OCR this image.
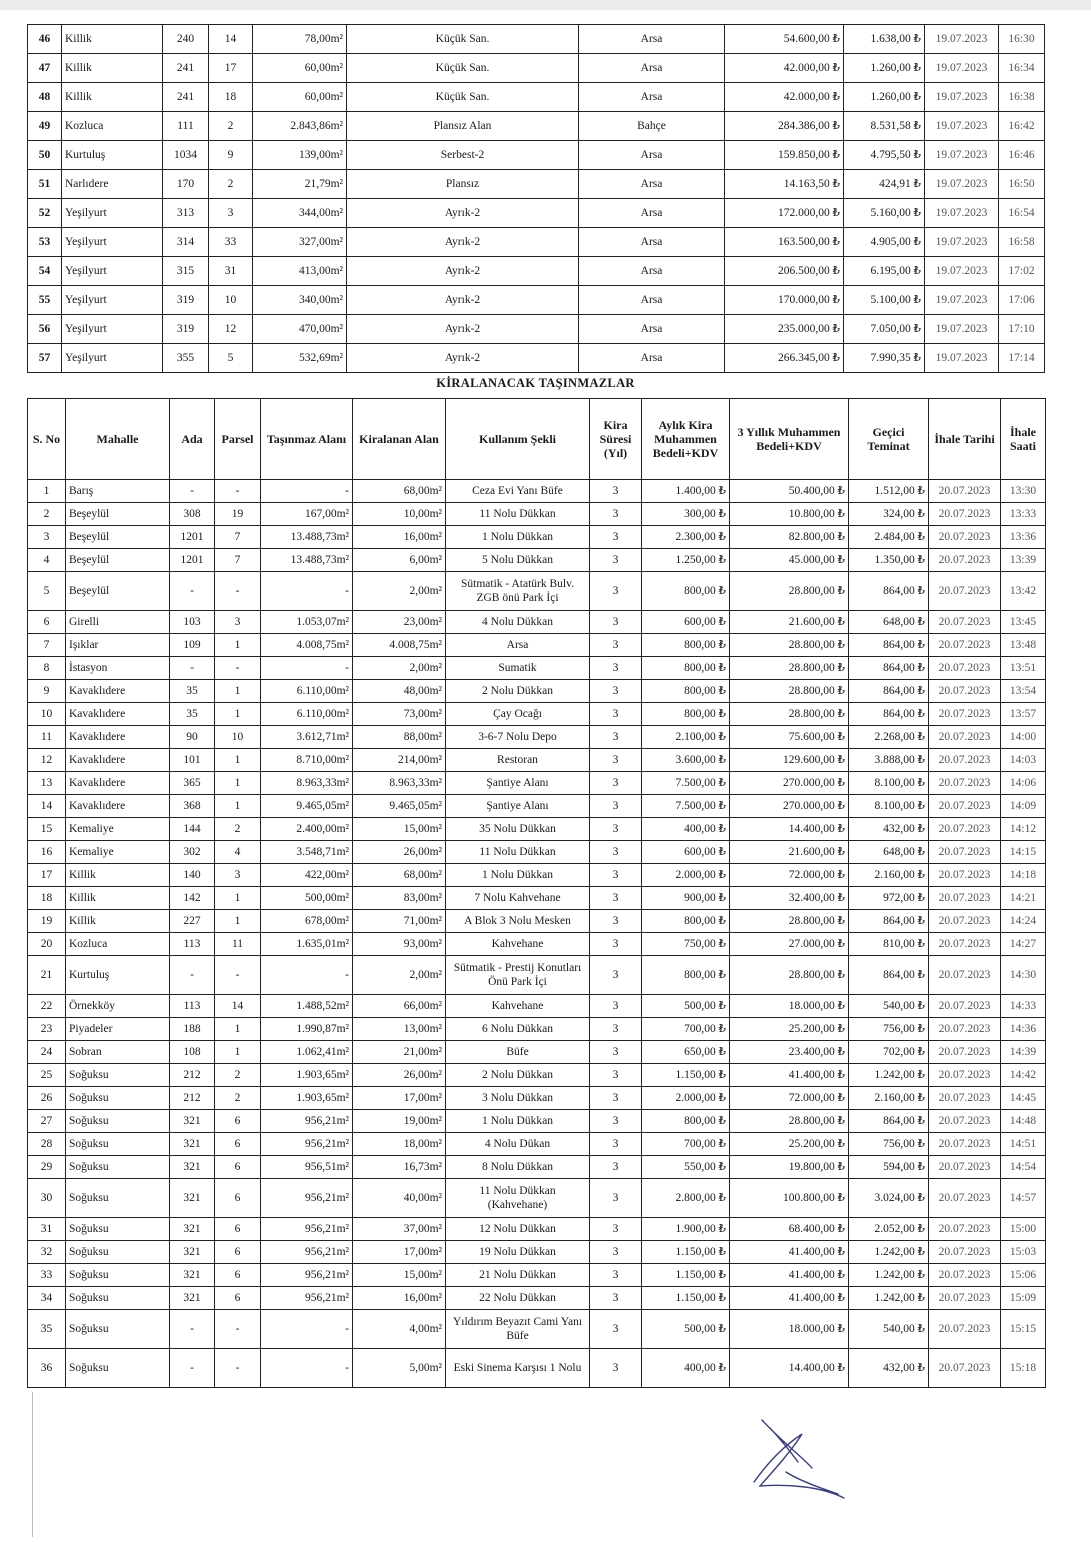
46	Killik	240	14	78,00m²	Küçük San.	Arsa	54.600,00 ₺	1.638,00 ₺	19.07.2023	16:30
47	Killik	241	17	60,00m²	Küçük San.	Arsa	42.000,00 ₺	1.260,00 ₺	19.07.2023	16:34
48	Killik	241	18	60,00m²	Küçük San.	Arsa	42.000,00 ₺	1.260,00 ₺	19.07.2023	16:38
49	Kozluca	111	2	2.843,86m²	Plansız Alan	Bahçe	284.386,00 ₺	8.531,58 ₺	19.07.2023	16:42
50	Kurtuluş	1034	9	139,00m²	Serbest-2	Arsa	159.850,00 ₺	4.795,50 ₺	19.07.2023	16:46
51	Narlıdere	170	2	21,79m²	Plansız	Arsa	14.163,50 ₺	424,91 ₺	19.07.2023	16:50
52	Yeşilyurt	313	3	344,00m²	Ayrık-2	Arsa	172.000,00 ₺	5.160,00 ₺	19.07.2023	16:54
53	Yeşilyurt	314	33	327,00m²	Ayrık-2	Arsa	163.500,00 ₺	4.905,00 ₺	19.07.2023	16:58
54	Yeşilyurt	315	31	413,00m²	Ayrık-2	Arsa	206.500,00 ₺	6.195,00 ₺	19.07.2023	17:02
55	Yeşilyurt	319	10	340,00m²	Ayrık-2	Arsa	170.000,00 ₺	5.100,00 ₺	19.07.2023	17:06
56	Yeşilyurt	319	12	470,00m²	Ayrık-2	Arsa	235.000,00 ₺	7.050,00 ₺	19.07.2023	17:10
57	Yeşilyurt	355	5	532,69m²	Ayrık-2	Arsa	266.345,00 ₺	7.990,35 ₺	19.07.2023	17:14
KİRALANACAK TAŞINMAZLAR
S. No	Mahalle	Ada	Parsel	Taşınmaz Alanı	Kiralanan Alan	Kullanım Şekli	Kira Süresi (Yıl)	Aylık Kira Muhammen Bedeli+KDV	3 Yıllık Muhammen Bedeli+KDV	Geçici Teminat	İhale Tarihi	İhale Saati
1	Barış	-	-	-	68,00m²	Ceza Evi Yanı Büfe	3	1.400,00 ₺	50.400,00 ₺	1.512,00 ₺	20.07.2023	13:30
2	Beşeylül	308	19	167,00m²	10,00m²	11 Nolu Dükkan	3	300,00 ₺	10.800,00 ₺	324,00 ₺	20.07.2023	13:33
3	Beşeylül	1201	7	13.488,73m²	16,00m²	1 Nolu Dükkan	3	2.300,00 ₺	82.800,00 ₺	2.484,00 ₺	20.07.2023	13:36
4	Beşeylül	1201	7	13.488,73m²	6,00m²	5 Nolu Dükkan	3	1.250,00 ₺	45.000,00 ₺	1.350,00 ₺	20.07.2023	13:39
5	Beşeylül	-	-	-	2,00m²	Sütmatik - Atatürk Bulv. ZGB önü Park İçi	3	800,00 ₺	28.800,00 ₺	864,00 ₺	20.07.2023	13:42
6	Girelli	103	3	1.053,07m²	23,00m²	4 Nolu Dükkan	3	600,00 ₺	21.600,00 ₺	648,00 ₺	20.07.2023	13:45
7	Işıklar	109	1	4.008,75m²	4.008,75m²	Arsa	3	800,00 ₺	28.800,00 ₺	864,00 ₺	20.07.2023	13:48
8	İstasyon	-	-	-	2,00m²	Sumatik	3	800,00 ₺	28.800,00 ₺	864,00 ₺	20.07.2023	13:51
9	Kavaklıdere	35	1	6.110,00m²	48,00m²	2 Nolu Dükkan	3	800,00 ₺	28.800,00 ₺	864,00 ₺	20.07.2023	13:54
10	Kavaklıdere	35	1	6.110,00m²	73,00m²	Çay Ocağı	3	800,00 ₺	28.800,00 ₺	864,00 ₺	20.07.2023	13:57
11	Kavaklıdere	90	10	3.612,71m²	88,00m²	3-6-7 Nolu Depo	3	2.100,00 ₺	75.600,00 ₺	2.268,00 ₺	20.07.2023	14:00
12	Kavaklıdere	101	1	8.710,00m²	214,00m²	Restoran	3	3.600,00 ₺	129.600,00 ₺	3.888,00 ₺	20.07.2023	14:03
13	Kavaklıdere	365	1	8.963,33m²	8.963,33m²	Şantiye Alanı	3	7.500,00 ₺	270.000,00 ₺	8.100,00 ₺	20.07.2023	14:06
14	Kavaklıdere	368	1	9.465,05m²	9.465,05m²	Şantiye Alanı	3	7.500,00 ₺	270.000,00 ₺	8.100,00 ₺	20.07.2023	14:09
15	Kemaliye	144	2	2.400,00m²	15,00m²	35 Nolu Dükkan	3	400,00 ₺	14.400,00 ₺	432,00 ₺	20.07.2023	14:12
16	Kemaliye	302	4	3.548,71m²	26,00m²	11 Nolu Dükkan	3	600,00 ₺	21.600,00 ₺	648,00 ₺	20.07.2023	14:15
17	Killik	140	3	422,00m²	68,00m²	1 Nolu Dükkan	3	2.000,00 ₺	72.000,00 ₺	2.160,00 ₺	20.07.2023	14:18
18	Killik	142	1	500,00m²	83,00m²	7 Nolu Kahvehane	3	900,00 ₺	32.400,00 ₺	972,00 ₺	20.07.2023	14:21
19	Killik	227	1	678,00m²	71,00m²	A Blok 3 Nolu Mesken	3	800,00 ₺	28.800,00 ₺	864,00 ₺	20.07.2023	14:24
20	Kozluca	113	11	1.635,01m²	93,00m²	Kahvehane	3	750,00 ₺	27.000,00 ₺	810,00 ₺	20.07.2023	14:27
21	Kurtuluş	-	-	-	2,00m²	Sütmatik - Prestij Konutları Önü Park İçi	3	800,00 ₺	28.800,00 ₺	864,00 ₺	20.07.2023	14:30
22	Örnekköy	113	14	1.488,52m²	66,00m²	Kahvehane	3	500,00 ₺	18.000,00 ₺	540,00 ₺	20.07.2023	14:33
23	Piyadeler	188	1	1.990,87m²	13,00m²	6 Nolu Dükkan	3	700,00 ₺	25.200,00 ₺	756,00 ₺	20.07.2023	14:36
24	Sobran	108	1	1.062,41m²	21,00m²	Büfe	3	650,00 ₺	23.400,00 ₺	702,00 ₺	20.07.2023	14:39
25	Soğuksu	212	2	1.903,65m²	26,00m²	2 Nolu Dükkan	3	1.150,00 ₺	41.400,00 ₺	1.242,00 ₺	20.07.2023	14:42
26	Soğuksu	212	2	1.903,65m²	17,00m²	3 Nolu Dükkan	3	2.000,00 ₺	72.000,00 ₺	2.160,00 ₺	20.07.2023	14:45
27	Soğuksu	321	6	956,21m²	19,00m²	1 Nolu Dükkan	3	800,00 ₺	28.800,00 ₺	864,00 ₺	20.07.2023	14:48
28	Soğuksu	321	6	956,21m²	18,00m²	4 Nolu Dükan	3	700,00 ₺	25.200,00 ₺	756,00 ₺	20.07.2023	14:51
29	Soğuksu	321	6	956,51m²	16,73m²	8 Nolu Dükkan	3	550,00 ₺	19.800,00 ₺	594,00 ₺	20.07.2023	14:54
30	Soğuksu	321	6	956,21m²	40,00m²	11 Nolu Dükkan (Kahvehane)	3	2.800,00 ₺	100.800,00 ₺	3.024,00 ₺	20.07.2023	14:57
31	Soğuksu	321	6	956,21m²	37,00m²	12 Nolu Dükkan	3	1.900,00 ₺	68.400,00 ₺	2.052,00 ₺	20.07.2023	15:00
32	Soğuksu	321	6	956,21m²	17,00m²	19 Nolu Dükkan	3	1.150,00 ₺	41.400,00 ₺	1.242,00 ₺	20.07.2023	15:03
33	Soğuksu	321	6	956,21m²	15,00m²	21 Nolu Dükkan	3	1.150,00 ₺	41.400,00 ₺	1.242,00 ₺	20.07.2023	15:06
34	Soğuksu	321	6	956,21m²	16,00m²	22 Nolu Dükkan	3	1.150,00 ₺	41.400,00 ₺	1.242,00 ₺	20.07.2023	15:09
35	Soğuksu	-	-	-	4,00m²	Yıldırım Beyazıt Cami Yanı Büfe	3	500,00 ₺	18.000,00 ₺	540,00 ₺	20.07.2023	15:15
36	Soğuksu	-	-	-	5,00m²	Eski Sinema Karşısı 1 Nolu	3	400,00 ₺	14.400,00 ₺	432,00 ₺	20.07.2023	15:18
